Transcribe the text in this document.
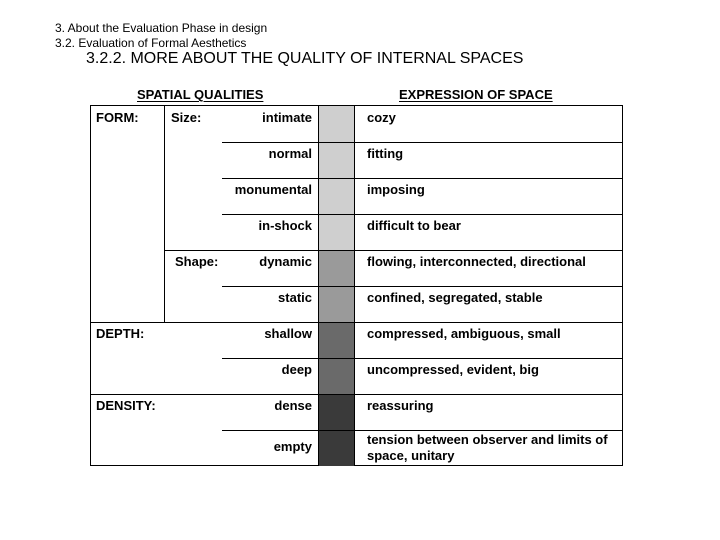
3. About the Evaluation Phase in design
3.2. Evaluation of Formal Aesthetics
3.2.2. MORE ABOUT THE QUALITY OF INTERNAL SPACES
SPATIAL QUALITIES	EXPRESSION OF SPACE
FORM: Size:
Shape:
DEPTH:
DENSITY:
intimate
normal
monumental
in-shock
dynamic
static
shallow
deep
dense
empty
cozy
fitting
imposing
difficult to bear
flowing, interconnected, directional
confined, segregated, stable
compressed, ambiguous, small
uncompressed, evident, big
reassuring
tension between observer and limits of space, unitary
